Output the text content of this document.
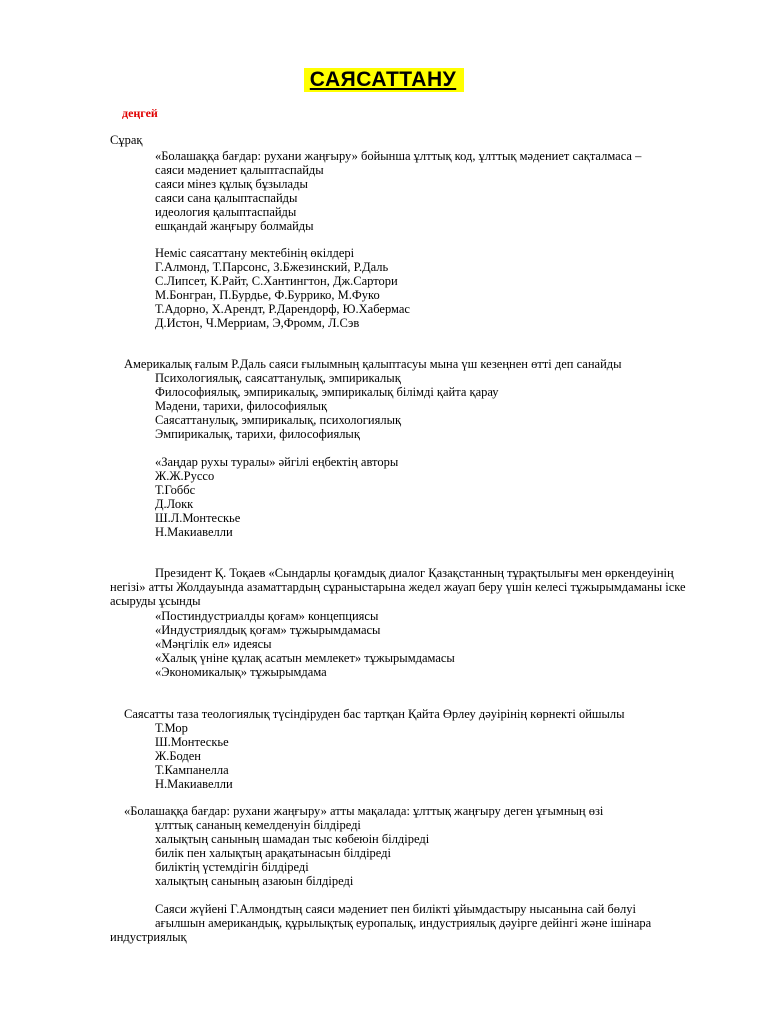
САЯСАТТАНУ
деңгей
Сұрақ
«Болашаққа бағдар: рухани жаңғыру» бойынша ұлттық код, ұлттық мәдениет сақталмаса –
саяси мәдениет қалыптаспайды
саяси мінез құлық бұзылады
саяси сана қалыптаспайды
идеология қалыптаспайды
ешқандай жаңғыру болмайды
Неміс саясаттану мектебінің өкілдері
Г.Алмонд, Т.Парсонс, З.Бжезинский, Р.Даль
С.Липсет, К.Райт, С.Хантингтон, Дж.Сартори
М.Бонгран, П.Бурдье, Ф.Буррико, М.Фуко
Т.Адорно, Х.Арендт, Р.Дарендорф, Ю.Хабермас
Д.Истон, Ч.Мерриам, Э,Фромм, Л.Сэв
Америкалық ғалым Р.Даль саяси ғылымның қалыптасуы мына үш кезеңнен өтті деп санайды
Психологиялық, саясаттанулық, эмпирикалық
Философиялық, эмпирикалық, эмпирикалық білімді қайта қарау
Мәдени, тарихи, философиялық
Саясаттанулық, эмпирикалық, психологиялық
Эмпирикалық, тарихи, философиялық
«Заңдар рухы туралы» әйгілі еңбектің авторы
Ж.Ж.Руссо
Т.Гоббс
Д.Локк
Ш.Л.Монтескье
Н.Макиавелли
Президент Қ. Тоқаев «Сындарлы қоғамдық диалог Қазақстанның тұрақтылығы мен өркендеуінің
негізі» атты Жолдауында азаматтардың сұраныстарына жедел жауап беру үшін келесі тұжырымдаманы іске
асыруды ұсынды
«Постиндустриалды қоғам» концепциясы
«Индустриялдық қоғам» тұжырымдамасы
«Мәңгілік ел» идеясы
«Халық үніне құлақ асатын мемлекет» тұжырымдамасы
«Экономикалық» тұжырымдама
Саясатты таза теологиялық түсіндіруден бас тартқан Қайта Өрлеу дәуірінің көрнекті ойшылы
Т.Мор
Ш.Монтескье
Ж.Боден
Т.Кампанелла
Н.Макиавелли
«Болашаққа бағдар: рухани жаңғыру» атты мақалада: ұлттық жаңғыру деген ұғымның өзі
ұлттық сананың кемелденуін білдіреді
халықтың санының шамадан тыс көбеюін білдіреді
билік пен халықтың арақатынасын білдіреді
биліктің үстемдігін білдіреді
халықтың санының азаюын білдіреді
Саяси жүйені Г.Алмондтың саяси мәдениет пен билікті ұйымдастыру нысанына сай бөлуі
ағылшын американдық, құрылықтық еуропалық, индустриялық дәуірге дейінгі және ішінара
индустриялық
